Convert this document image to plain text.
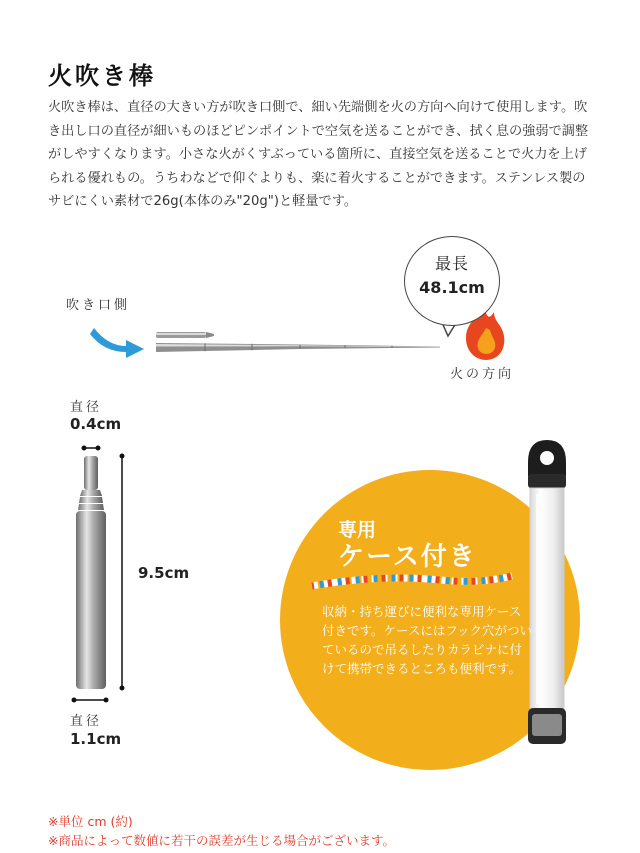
火吹き棒
火吹き棒は、直径の大きい方が吹き口側で、細い先端側を火の方向へ向けて使用します。吹き出し口の直径が細いものほどピンポイントで空気を送ることができ、拭く息の強弱で調整がしやすくなります。小さな火がくすぶっている箇所に、直接空気を送ることで火力を上げられる優れもの。うちわなどで仰ぐよりも、楽に着火することができます。ステンレス製のサビにくい素材で26g(本体のみ"20g")と軽量です。
吹き口側
最長
48.1cm
火の方向
直径
0.4cm
9.5cm
直径
1.1cm
専用
ケース付き
収納・持ち運びに便利な専用ケース付きです。ケースにはフック穴がついているので吊るしたりカラビナに付けて携帯できるところも便利です。
※単位 cm (約)
※商品によって数値に若干の誤差が生じる場合がございます。
